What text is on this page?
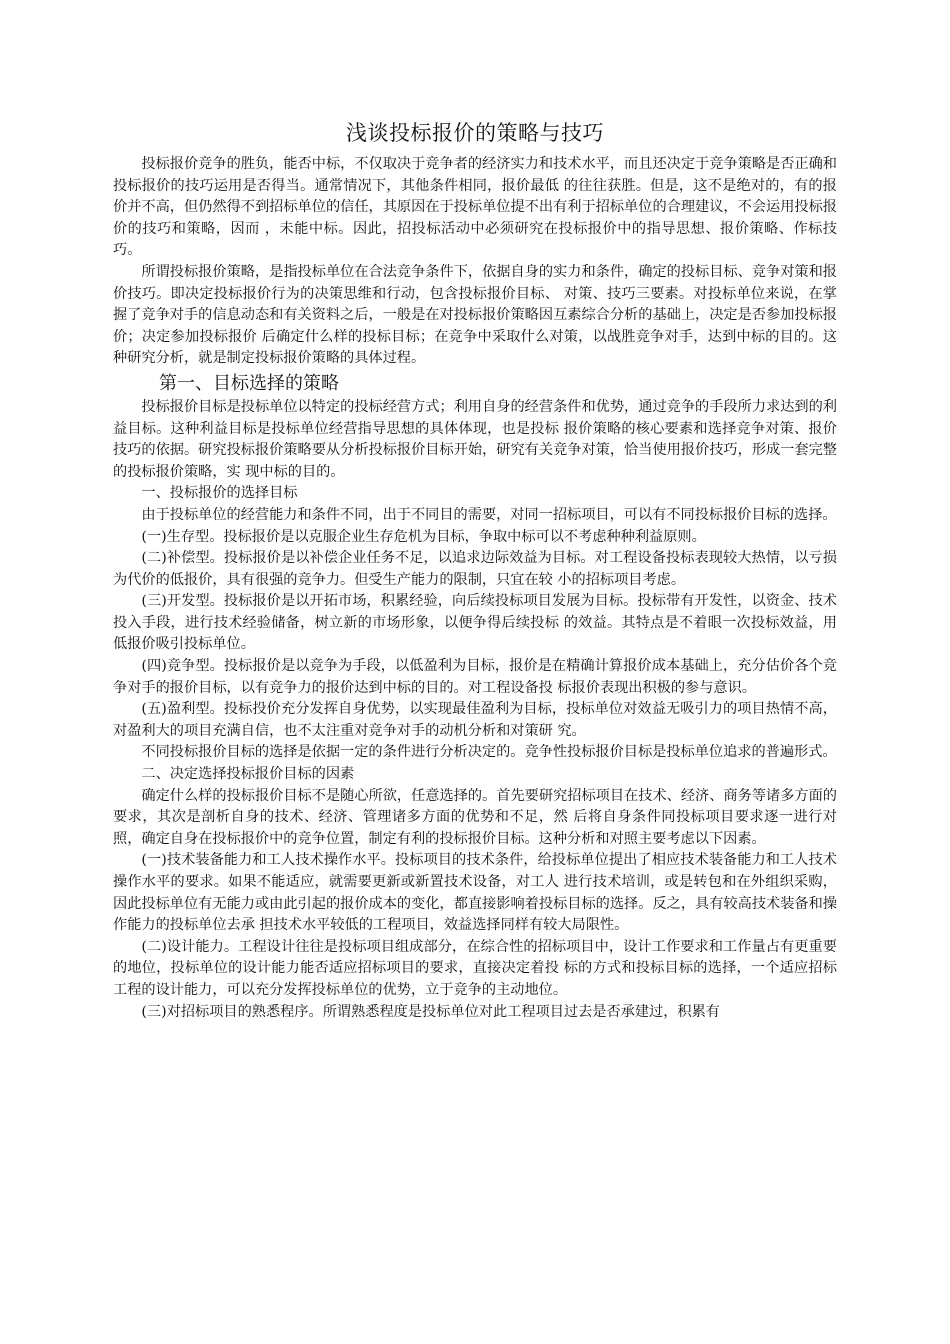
浅谈投标报价的策略与技巧

投标报价竞争的胜负，能否中标，不仅取决于竞争者的经济实力和技术水平，而且还决定于竞争策略是否正确和投标报价的技巧运用是否得当。通常情况下，其他条件相同，报价最低 的往往获胜。但是，这不是绝对的，有的报价并不高，但仍然得不到招标单位的信任，其原因在于投标单位提不出有利于招标单位的合理建议，不会运用投标报价的技巧和策略，因而 ，未能中标。因此，招投标活动中必须研究在投标报价中的指导思想、报价策略、作标技巧。

所谓投标报价策略，是指投标单位在合法竞争条件下，依据自身的实力和条件，确定的投标目标、竞争对策和报价技巧。即决定投标报价行为的决策思维和行动，包含投标报价目标、 对策、技巧三要素。对投标单位来说，在掌握了竞争对手的信息动态和有关资料之后，一般是在对投标报价策略因互素综合分析的基础上，决定是否参加投标报价；决定参加投标报价 后确定什么样的投标目标；在竞争中采取什么对策，以战胜竞争对手，达到中标的目的。这种研究分析，就是制定投标报价策略的具体过程。

第一、目标选择的策略

投标报价目标是投标单位以特定的投标经营方式；利用自身的经营条件和优势，通过竞争的手段所力求达到的利益目标。这种利益目标是投标单位经营指导思想的具体体现，也是投标 报价策略的核心要素和选择竞争对策、报价技巧的依据。研究投标报价策略要从分析投标报价目标开始，研究有关竞争对策，恰当使用报价技巧，形成一套完整的投标报价策略，实 现中标的目的。

一、投标报价的选择目标

由于投标单位的经营能力和条件不同，出于不同目的需要，对同一招标项目，可以有不同投标报价目标的选择。

(一)生存型。投标报价是以克服企业生存危机为目标，争取中标可以不考虑种种利益原则。

(二)补偿型。投标报价是以补偿企业任务不足，以追求边际效益为目标。对工程设备投标表现较大热情，以亏损为代价的低报价，具有很强的竞争力。但受生产能力的限制，只宜在较 小的招标项目考虑。

(三)开发型。投标报价是以开拓市场，积累经验，向后续投标项目发展为目标。投标带有开发性，以资金、技术投入手段，进行技术经验储备，树立新的市场形象，以便争得后续投标 的效益。其特点是不着眼一次投标效益，用低报价吸引投标单位。

(四)竞争型。投标报价是以竞争为手段，以低盈利为目标，报价是在精确计算报价成本基础上，充分估价各个竞争对手的报价目标，以有竞争力的报价达到中标的目的。对工程设备投 标报价表现出积极的参与意识。

(五)盈利型。投标投价充分发挥自身优势，以实现最佳盈利为目标，投标单位对效益无吸引力的项目热情不高，对盈利大的项目充满自信，也不太注重对竞争对手的动机分析和对策研 究。

不同投标报价目标的选择是依据一定的条件进行分析决定的。竞争性投标报价目标是投标单位追求的普遍形式。

二、决定选择投标报价目标的因素

确定什么样的投标报价目标不是随心所欲，任意选择的。首先要研究招标项目在技术、经济、商务等诸多方面的要求，其次是剖析自身的技术、经济、管理诸多方面的优势和不足，然 后将自身条件同投标项目要求逐一进行对照，确定自身在投标报价中的竞争位置，制定有利的投标报价目标。这种分析和对照主要考虑以下因素。

(一)技术装备能力和工人技术操作水平。投标项目的技术条件，给投标单位提出了相应技术装备能力和工人技术操作水平的要求。如果不能适应，就需要更新或新置技术设备，对工人 进行技术培训，或是转包和在外组织采购，因此投标单位有无能力或由此引起的报价成本的变化，都直接影响着投标目标的选择。反之，具有较高技术装备和操作能力的投标单位去承 担技术水平较低的工程项目，效益选择同样有较大局限性。

(二)设计能力。工程设计往往是投标项目组成部分，在综合性的招标项目中，设计工作要求和工作量占有更重要的地位，投标单位的设计能力能否适应招标项目的要求，直接决定着投 标的方式和投标目标的选择，一个适应招标工程的设计能力，可以充分发挥投标单位的优势，立于竞争的主动地位。

(三)对招标项目的熟悉程序。所谓熟悉程度是投标单位对此工程项目过去是否承建过，积累有
